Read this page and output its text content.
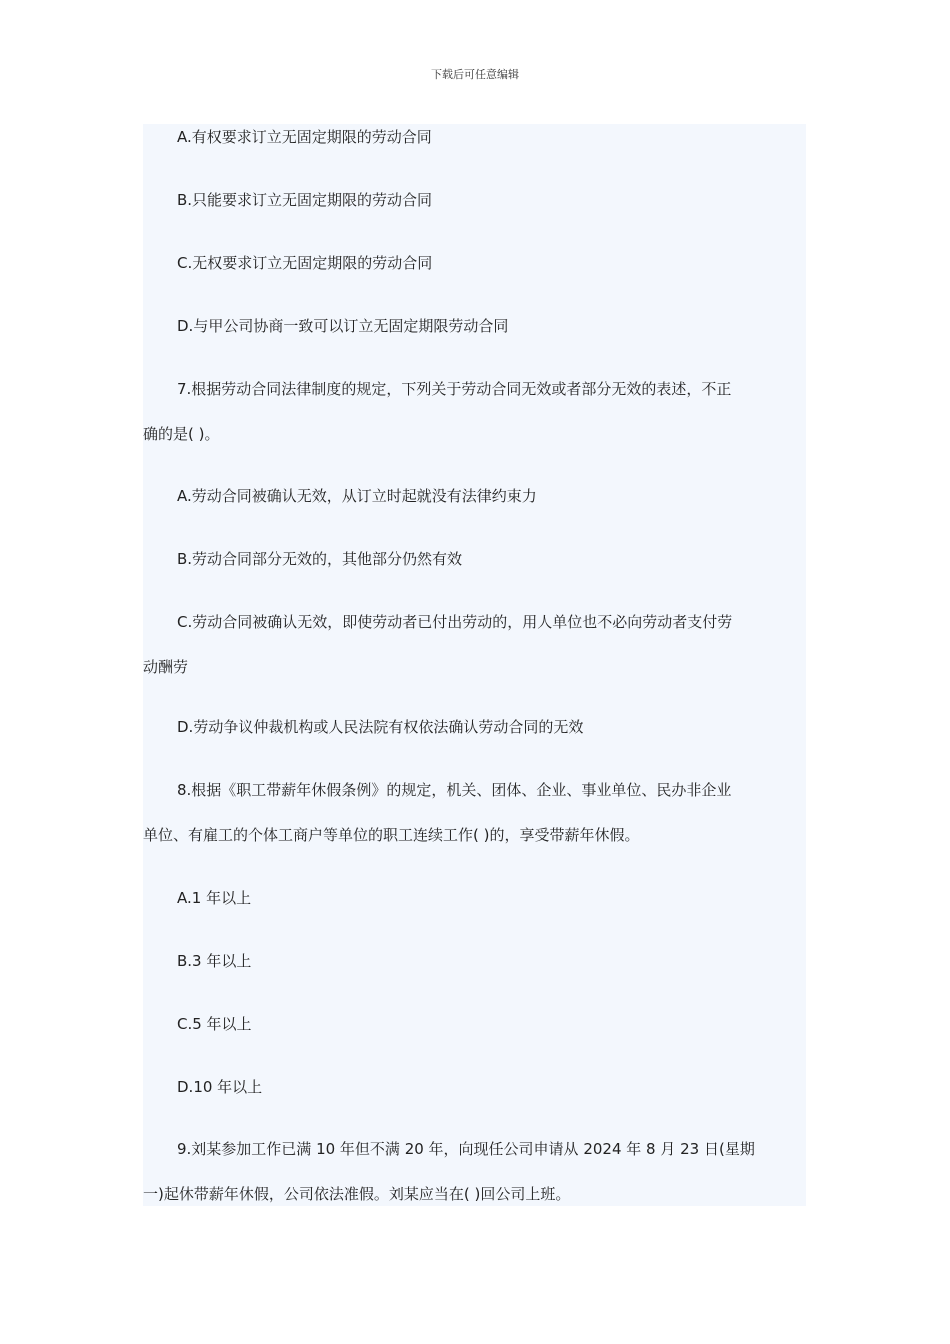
下载后可任意编辑
A.有权要求订立无固定期限的劳动合同
B.只能要求订立无固定期限的劳动合同
C.无权要求订立无固定期限的劳动合同
D.与甲公司协商一致可以订立无固定期限劳动合同
7.根据劳动合同法律制度的规定，下列关于劳动合同无效或者部分无效的表述，不正
确的是( )。
A.劳动合同被确认无效，从订立时起就没有法律约束力
B.劳动合同部分无效的，其他部分仍然有效
C.劳动合同被确认无效，即使劳动者已付出劳动的，用人单位也不必向劳动者支付劳
动酬劳
D.劳动争议仲裁机构或人民法院有权依法确认劳动合同的无效
8.根据《职工带薪年休假条例》的规定，机关、团体、企业、事业单位、民办非企业
单位、有雇工的个体工商户等单位的职工连续工作( )的，享受带薪年休假。
A.1 年以上
B.3 年以上
C.5 年以上
D.10 年以上
9.刘某参加工作已满 10 年但不满 20 年，向现任公司申请从 2024 年 8 月 23 日(星期
一)起休带薪年休假，公司依法准假。刘某应当在( )回公司上班。
